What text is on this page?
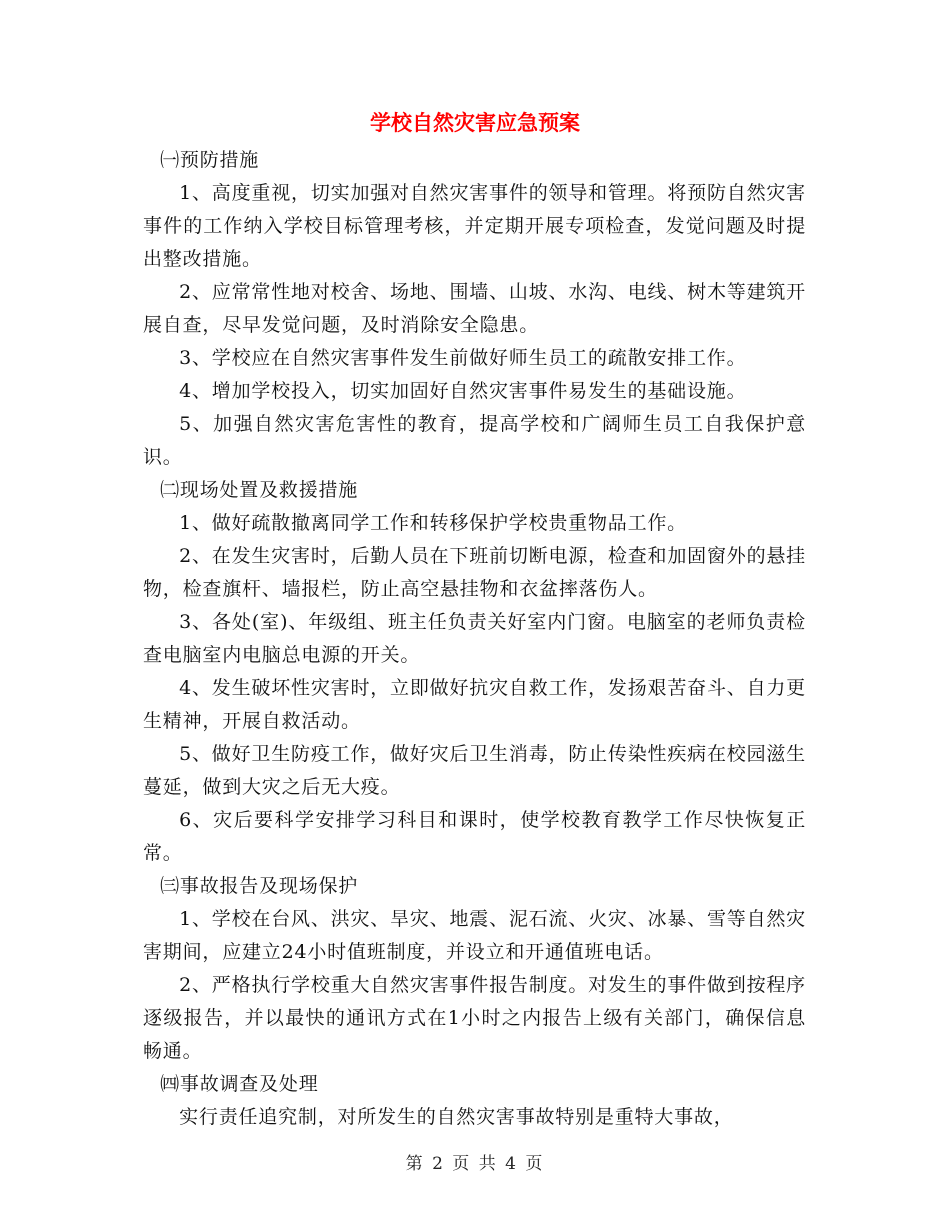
学校自然灾害应急预案

㈠预防措施

1、高度重视，切实加强对自然灾害事件的领导和管理。将预防自然灾害事件的工作纳入学校目标管理考核，并定期开展专项检查，发觉问题及时提出整改措施。

2、应常常性地对校舍、场地、围墙、山坡、水沟、电线、树木等建筑开展自查，尽早发觉问题，及时消除安全隐患。

3、学校应在自然灾害事件发生前做好师生员工的疏散安排工作。

4、增加学校投入，切实加固好自然灾害事件易发生的基础设施。

5、加强自然灾害危害性的教育，提高学校和广阔师生员工自我保护意识。

㈡现场处置及救援措施

1、做好疏散撤离同学工作和转移保护学校贵重物品工作。

2、在发生灾害时，后勤人员在下班前切断电源，检查和加固窗外的悬挂物，检查旗杆、墙报栏，防止高空悬挂物和衣盆摔落伤人。

3、各处(室)、年级组、班主任负责关好室内门窗。电脑室的老师负责检查电脑室内电脑总电源的开关。

4、发生破坏性灾害时，立即做好抗灾自救工作，发扬艰苦奋斗、自力更生精神，开展自救活动。

5、做好卫生防疫工作，做好灾后卫生消毒，防止传染性疾病在校园滋生蔓延，做到大灾之后无大疫。

6、灾后要科学安排学习科目和课时，使学校教育教学工作尽快恢复正常。

㈢事故报告及现场保护

1、学校在台风、洪灾、旱灾、地震、泥石流、火灾、冰暴、雪等自然灾害期间，应建立24小时值班制度，并设立和开通值班电话。

2、严格执行学校重大自然灾害事件报告制度。对发生的事件做到按程序逐级报告，并以最快的通讯方式在1小时之内报告上级有关部门，确保信息畅通。

㈣事故调查及处理

实行责任追究制，对所发生的自然灾害事故特别是重特大事故，

第 2 页 共 4 页
